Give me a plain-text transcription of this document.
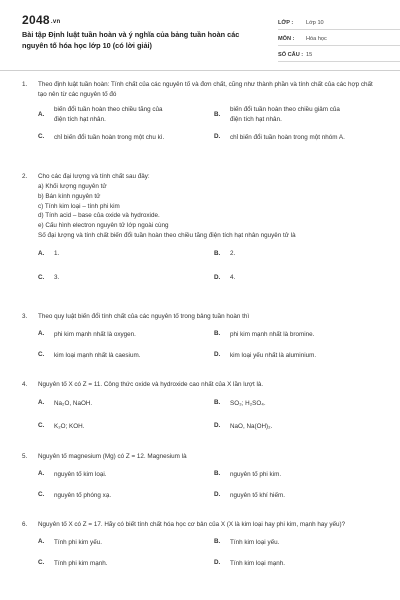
2048.vn
Bài tập Định luật tuần hoàn và ý nghĩa của bảng tuần hoàn các nguyên tố hóa học lớp 10 (có lời giải)
LỚP :	Lớp 10
MÔN :	Hóa học
SỐ CÂU : 15
1.	Theo định luật tuần hoàn: Tính chất của các nguyên tố và đơn chất, cũng như thành phần và tính chất của các hợp chất tạo nên từ các nguyên tố đó
A.
biến đổi tuần hoàn theo chiều tăng của điện tích hạt nhân.
B.
biến đổi tuần hoàn theo chiều giảm của điện tích hạt nhân.
C.	chỉ biến đổi tuần hoàn trong một chu kì.	D.	chỉ biến đổi tuần hoàn trong một nhóm A.
2.	Cho các đại lượng và tính chất sau đây:
a) Khối lượng nguyên tử
b) Bán kính nguyên tử
c) Tính kim loại – tính phi kim
d) Tính acid – base của oxide và hydroxide.
e) Cấu hình electron nguyên tử lớp ngoài cùng
Số đại lượng và tính chất biến đổi tuần hoàn theo chiều tăng điện tích hạt nhân nguyên tử là
A.	1.	B.	2.
C.	3.	D.	4.
3.	Theo quy luật biến đổi tính chất của các nguyên tố trong bảng tuần hoàn thì
A.	phi kim mạnh nhất là oxygen.	B.	phi kim mạnh nhất là bromine.
C.	kim loại mạnh nhất là caesium.	D.	kim loại yếu nhất là aluminium.
4.	Nguyên tố X có Z = 11. Công thức oxide và hydroxide cao nhất của X lần lượt là.
A.	Na₂O, NaOH.	B.	SO₃; H₂SO₄.
C.	K₂O; KOH.	D.	NaO, Na(OH)₂.
5.	Nguyên tố magnesium (Mg) có Z = 12. Magnesium là
A.	nguyên tố kim loại.	B.	nguyên tố phi kim.
C.	nguyên tố phóng xạ.	D.	nguyên tố khí hiếm.
6.	Nguyên tố X có Z = 17. Hãy có biết tính chất hóa học cơ bản của X (X là kim loại hay phi kim, mạnh hay yếu)?
A.	Tính phi kim yếu.	B.	Tính kim loại yếu.
C.	Tính phi kim mạnh.	D.	Tính kim loại mạnh.
